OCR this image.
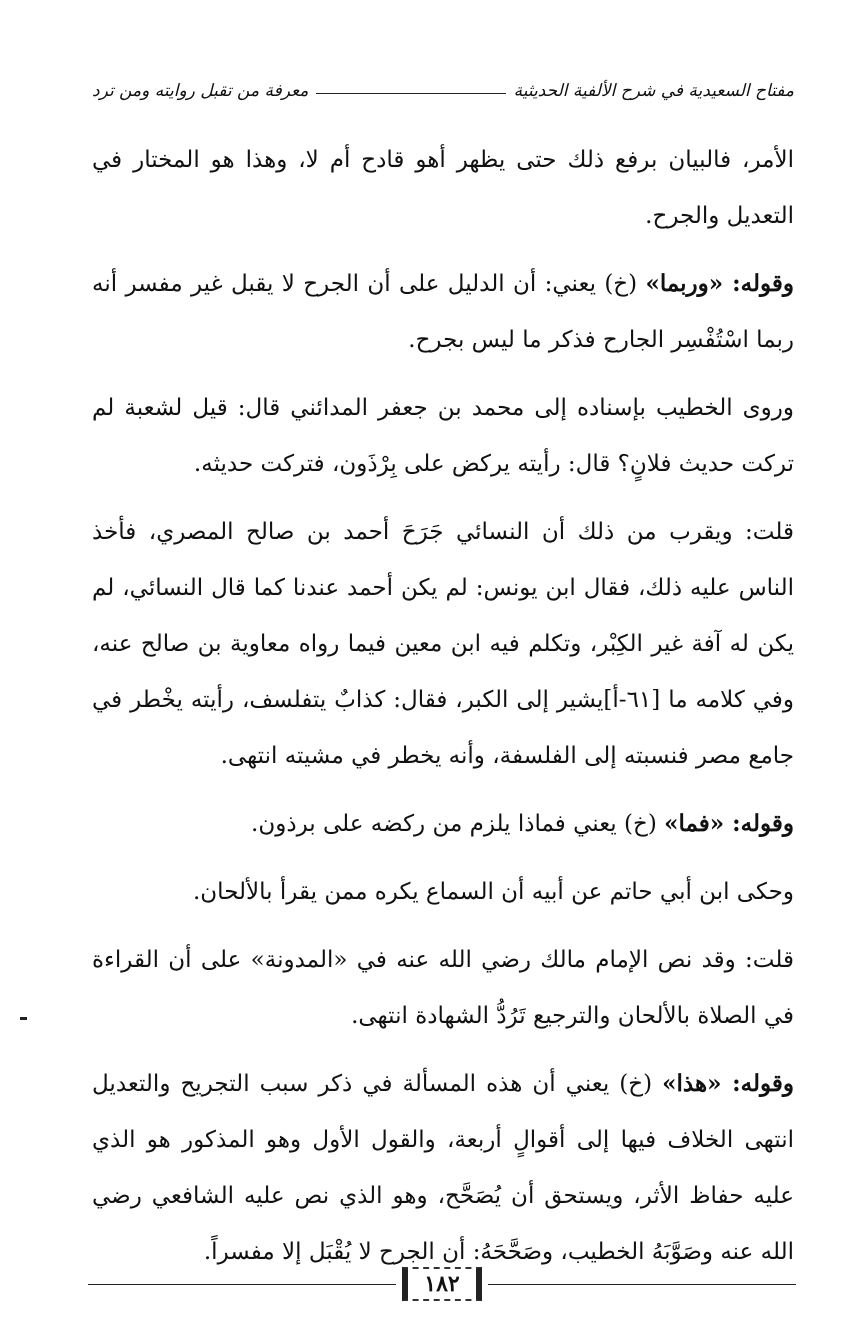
مفتاح السعيدية في شرح الألفية الحديثية
معرفة من تقبل روايته ومن ترد

الأمر، فالبيان برفع ذلك حتى يظهر أهو قادح أم لا، وهذا هو المختار في التعديل والجرح.

وقوله: «وربما» (خ) يعني: أن الدليل على أن الجرح لا يقبل غير مفسر أنه ربما اسْتُفْسِر الجارح فذكر ما ليس بجرح.

وروى الخطيب بإسناده إلى محمد بن جعفر المدائني قال: قيل لشعبة لم تركت حديث فلانٍ؟ قال: رأيته يركض على بِرْذَون، فتركت حديثه.

قلت: ويقرب من ذلك أن النسائي جَرَحَ أحمد بن صالح المصري، فأخذ الناس عليه ذلك، فقال ابن يونس: لم يكن أحمد عندنا كما قال النسائي، لم يكن له آفة غير الكِبْر، وتكلم فيه ابن معين فيما رواه معاوية بن صالح عنه، وفي كلامه ما [٦١-أ]يشير إلى الكبر، فقال: كذابٌ يتفلسف، رأيته يخْطر في جامع مصر فنسبته إلى الفلسفة، وأنه يخطر في مشيته انتهى.

وقوله: «فما» (خ) يعني فماذا يلزم من ركضه على برذون.

وحكى ابن أبي حاتم عن أبيه أن السماع يكره ممن يقرأ بالألحان.

قلت: وقد نص الإمام مالك رضي الله عنه في «المدونة» على أن القراءة في الصلاة بالألحان والترجيع تَرُدُّ الشهادة انتهى.

وقوله: «هذا» (خ) يعني أن هذه المسألة في ذكر سبب التجريح والتعديل انتهى الخلاف فيها إلى أقوالٍ أربعة، والقول الأول وهو المذكور هو الذي عليه حفاظ الأثر، ويستحق أن يُصَحَّح، وهو الذي نص عليه الشافعي رضي الله عنه وصَوَّبَهُ الخطيب، وصَحَّحَهُ: أن الجرح لا يُقْبَل إلا مفسراً.

١٨٢
